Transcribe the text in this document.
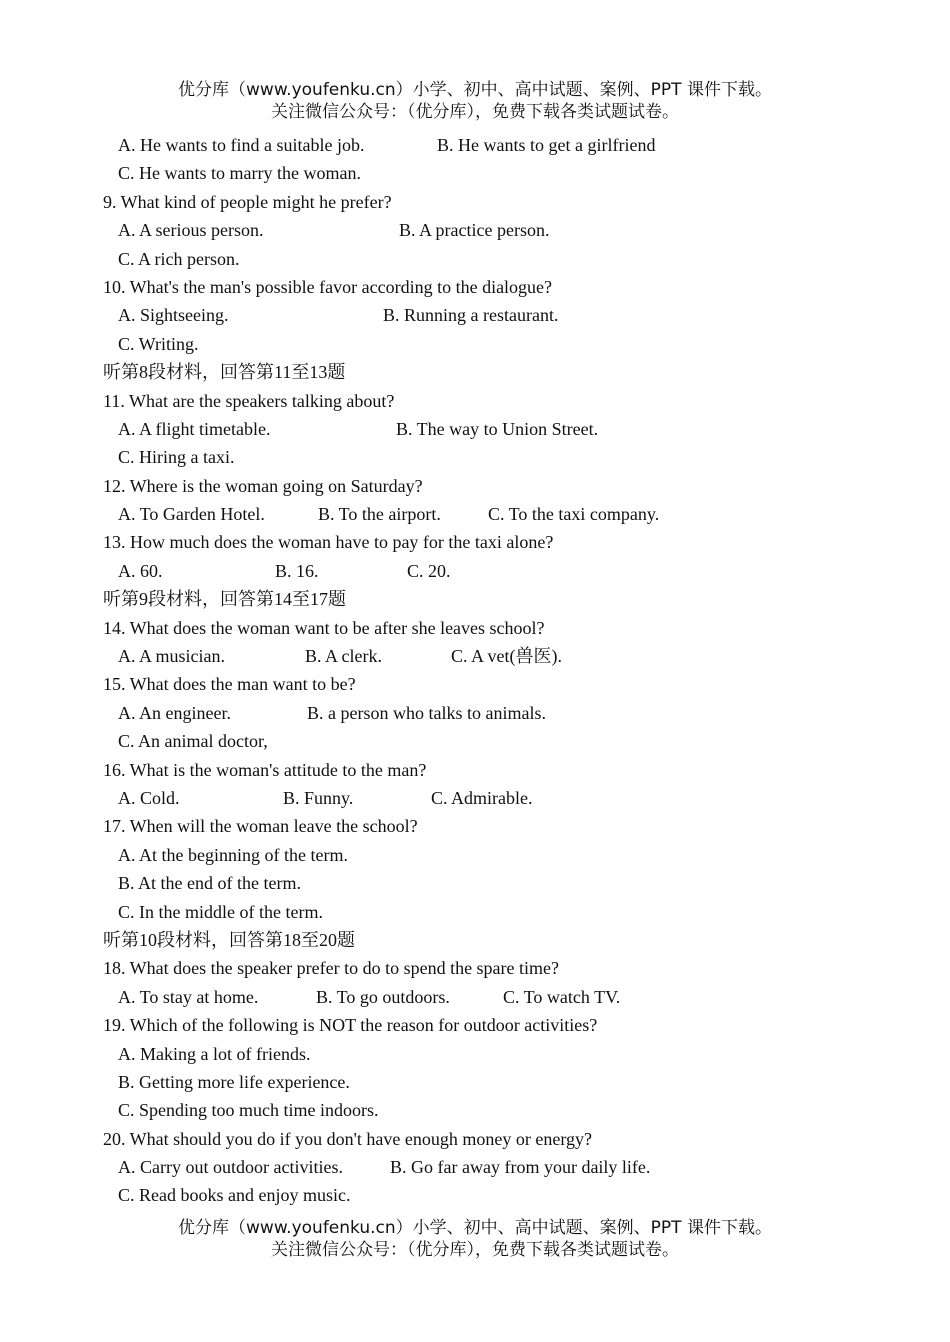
优分库（www.youfenku.cn）小学、初中、高中试题、案例、PPT 课件下载。
关注微信公众号：（优分库），免费下载各类试题试卷。
A. He wants to find a suitable job.	B. He wants to get a girlfriend
C. He wants to marry the woman.
9. What kind of people might he prefer?
A. A serious person.	B. A practice person.
C. A rich person.
10. What's the man's possible favor according to the dialogue?
A. Sightseeing.	B. Running a restaurant.
C. Writing.
听第8段材料，回答第11至13题
11. What are the speakers talking about?
A. A flight timetable.	B. The way to Union Street.
C. Hiring a taxi.
12. Where is the woman going on Saturday?
A. To Garden Hotel.	B. To the airport.	C. To the taxi company.
13. How much does the woman have to pay for the taxi alone?
A. 60.	B. 16.	C. 20.
听第9段材料，回答第14至17题
14. What does the woman want to be after she leaves school?
A. A musician.	B. A clerk.	C. A vet(兽医).
15. What does the man want to be?
A. An engineer.	B. a person who talks to animals.
C. An animal doctor,
16. What is the woman's attitude to the man?
A. Cold.	B. Funny.	C. Admirable.
17. When will the woman leave the school?
A. At the beginning of the term.
B. At the end of the term.
C. In the middle of the term.
听第10段材料，回答第18至20题
18. What does the speaker prefer to do to spend the spare time?
A. To stay at home.	B. To go outdoors.	C. To watch TV.
19. Which of the following is NOT the reason for outdoor activities?
A. Making a lot of friends.
B. Getting more life experience.
C. Spending too much time indoors.
20. What should you do if you don't have enough money or energy?
A. Carry out outdoor activities.	B. Go far away from your daily life.
C. Read books and enjoy music.
优分库（www.youfenku.cn）小学、初中、高中试题、案例、PPT 课件下载。
关注微信公众号：（优分库），免费下载各类试题试卷。
